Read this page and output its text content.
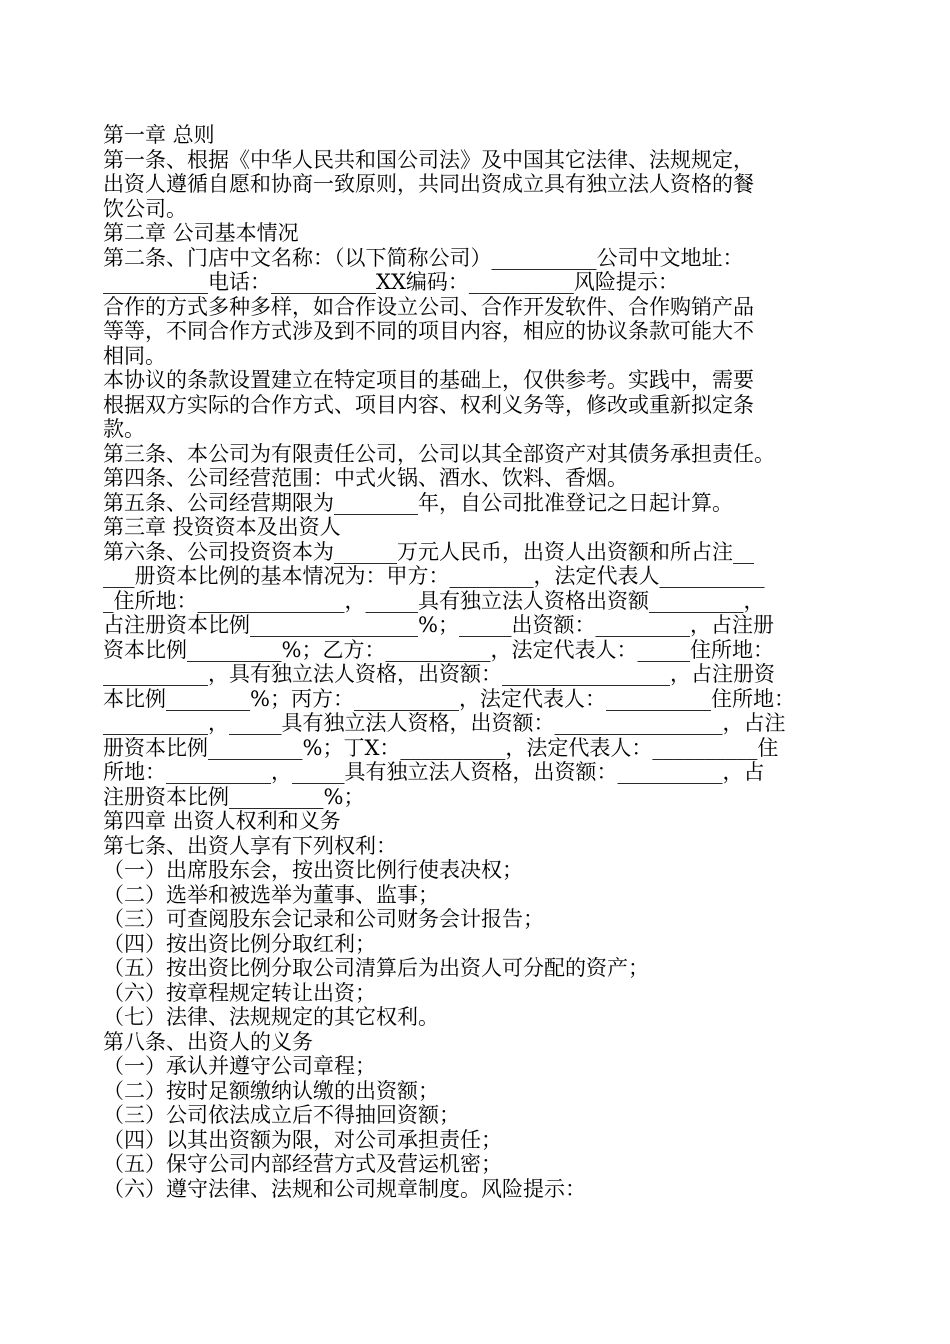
第一章 总则
第一条、根据《中华人民共和国公司法》及中国其它法律、法规规定，
出资人遵循自愿和协商一致原则，共同出资成立具有独立法人资格的餐
饮公司。
第二章 公司基本情况
第二条、门店中文名称：（以下简称公司）__________公司中文地址：
__________电话：__________XX编码：__________风险提示：
合作的方式多种多样，如合作设立公司、合作开发软件、合作购销产品
等等，不同合作方式涉及到不同的项目内容，相应的协议条款可能大不
相同。
本协议的条款设置建立在特定项目的基础上，仅供参考。实践中，需要
根据双方实际的合作方式、项目内容、权利义务等，修改或重新拟定条
款。
第三条、本公司为有限责任公司，公司以其全部资产对其债务承担责任。
第四条、公司经营范围：中式火锅、酒水、饮料、香烟。
第五条、公司经营期限为________年，自公司批准登记之日起计算。
第三章 投资资本及出资人
第六条、公司投资资本为______万元人民币，出资人出资额和所占注__
___册资本比例的基本情况为：甲方：________，法定代表人__________
_住所地：______________，_____具有独立法人资格出资额_________，
占注册资本比例________________%；_____出资额：_________，占注册
资本比例_________%；乙方：__________，法定代表人：_____住所地：
__________，具有独立法人资格，出资额：________________，占注册资
本比例________%；丙方：__________，法定代表人：__________住所地：
__________，_____具有独立法人资格，出资额：________________，占注
册资本比例_________%；丁X：__________，法定代表人：__________住
所地：__________，_____具有独立法人资格，出资额：__________，占
注册资本比例_________%；
第四章 出资人权利和义务
第七条、出资人享有下列权利：
（一）出席股东会，按出资比例行使表决权；
（二）选举和被选举为董事、监事；
（三）可查阅股东会记录和公司财务会计报告；
（四）按出资比例分取红利；
（五）按出资比例分取公司清算后为出资人可分配的资产；
（六）按章程规定转让出资；
（七）法律、法规规定的其它权利。
第八条、出资人的义务
（一）承认并遵守公司章程；
（二）按时足额缴纳认缴的出资额；
（三）公司依法成立后不得抽回资额；
（四）以其出资额为限，对公司承担责任；
（五）保守公司内部经营方式及营运机密；
（六）遵守法律、法规和公司规章制度。风险提示：
